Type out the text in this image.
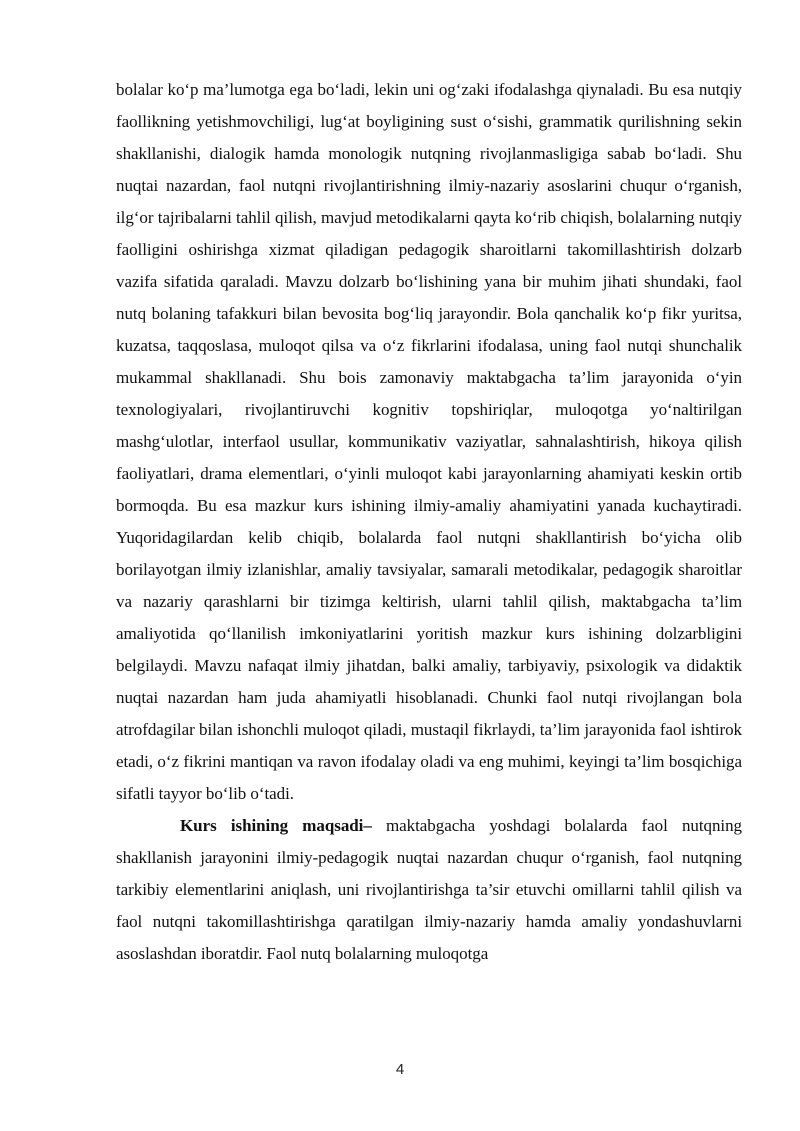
bolalar ko‘p ma’lumotga ega bo‘ladi, lekin uni og‘zaki ifodalashga qiynaladi. Bu esa nutqiy faollikning yetishmovchiligi, lug‘at boyligining sust o‘sishi, grammatik qurilishning sekin shakllanishi, dialogik hamda monologik nutqning rivojlanmasligiga sabab bo‘ladi. Shu nuqtai nazardan, faol nutqni rivojlantirishning ilmiy-nazariy asoslarini chuqur o‘rganish, ilg‘or tajribalarni tahlil qilish, mavjud metodikalarni qayta ko‘rib chiqish, bolalarning nutqiy faolligini oshirishga xizmat qiladigan pedagogik sharoitlarni takomillashtirish dolzarb vazifa sifatida qaraladi. Mavzu dolzarb bo‘lishining yana bir muhim jihati shundaki, faol nutq bolaning tafakkuri bilan bevosita bog‘liq jarayondir. Bola qanchalik ko‘p fikr yuritsa, kuzatsa, taqqoslasa, muloqot qilsa va o‘z fikrlarini ifodalasa, uning faol nutqi shunchalik mukammal shakllanadi. Shu bois zamonaviy maktabgacha ta’lim jarayonida o‘yin texnologiyalari, rivojlantiruvchi kognitiv topshiriqlar, muloqotga yo‘naltirilgan mashg‘ulotlar, interfaol usullar, kommunikativ vaziyatlar, sahnalashtirish, hikoya qilish faoliyatlari, drama elementlari, o‘yinli muloqot kabi jarayonlarning ahamiyati keskin ortib bormoqda. Bu esa mazkur kurs ishining ilmiy-amaliy ahamiyatini yanada kuchaytiradi. Yuqoridagilardan kelib chiqib, bolalarda faol nutqni shakllantirish bo‘yicha olib borilayotgan ilmiy izlanishlar, amaliy tavsiyalar, samarali metodikalar, pedagogik sharoitlar va nazariy qarashlarni bir tizimga keltirish, ularni tahlil qilish, maktabgacha ta’lim amaliyotida qo‘llanilish imkoniyatlarini yoritish mazkur kurs ishining dolzarbligini belgilaydi. Mavzu nafaqat ilmiy jihatdan, balki amaliy, tarbiyaviy, psixologik va didaktik nuqtai nazardan ham juda ahamiyatli hisoblanadi. Chunki faol nutqi rivojlangan bola atrofdagilar bilan ishonchli muloqot qiladi, mustaqil fikrlaydi, ta’lim jarayonida faol ishtirok etadi, o‘z fikrini mantiqan va ravon ifodalay oladi va eng muhimi, keyingi ta’lim bosqichiga sifatli tayyor bo‘lib o‘tadi.

Kurs ishining maqsadi– maktabgacha yoshdagi bolalarda faol nutqning shakllanish jarayonini ilmiy-pedagogik nuqtai nazardan chuqur o‘rganish, faol nutqning tarkibiy elementlarini aniqlash, uni rivojlantirishga ta’sir etuvchi omillarni tahlil qilish va faol nutqni takomillashtirishga qaratilgan ilmiy-nazariy hamda amaliy yondashuvlarni asoslashdan iboratdir. Faol nutq bolalarning muloqotga

4
